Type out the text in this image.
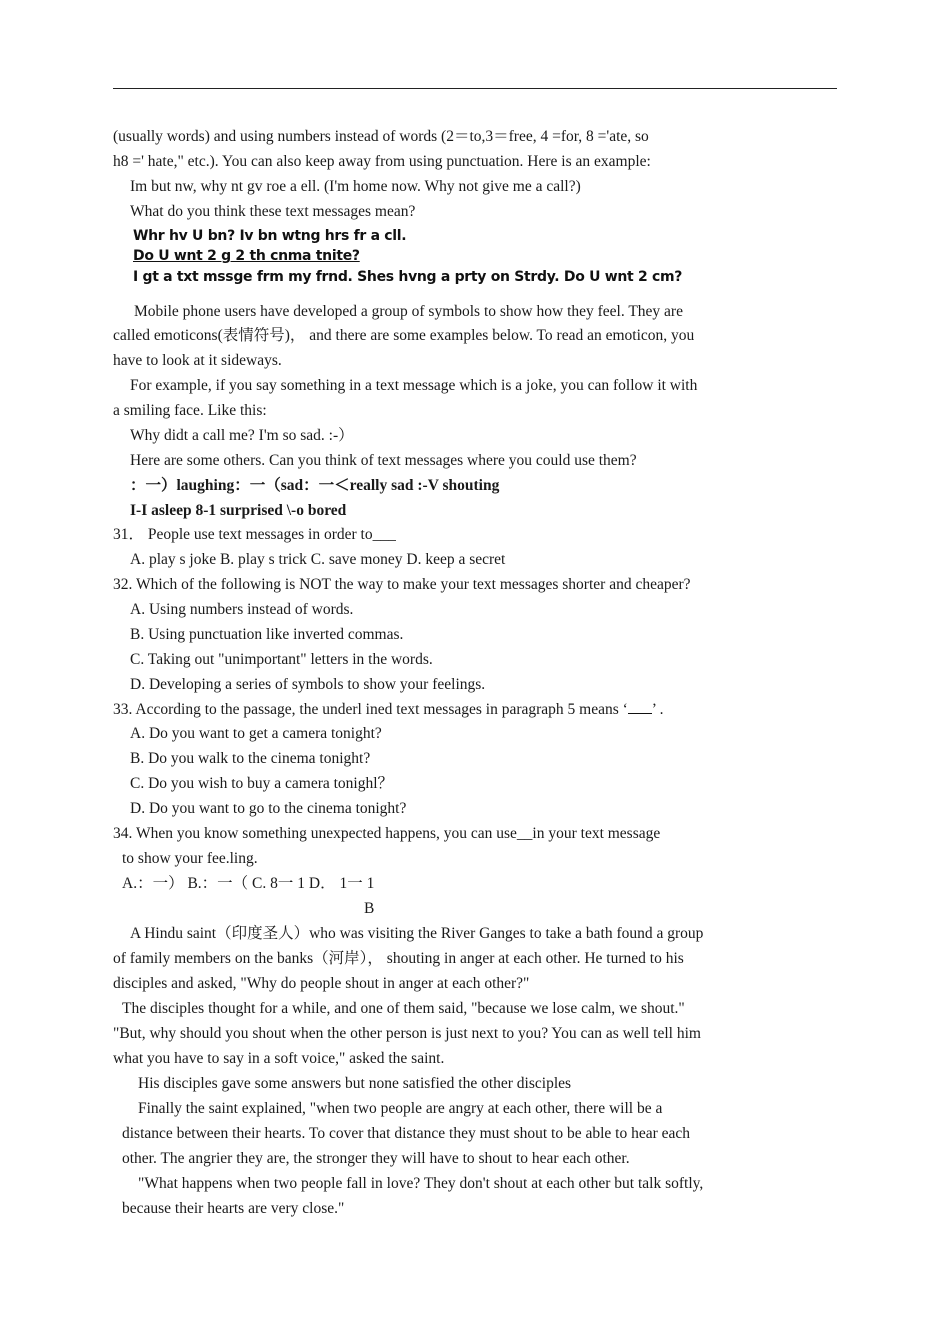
(usually words) and using numbers instead of words (2＝to,3＝free, 4 =for, 8 ='ate, so
h8 =' hate," etc.). You can also keep away from using punctuation. Here is an example:
Im but nw, why nt gv roe a ell. (I'm home now. Why not give me a call?)
What do you think these text messages mean?
Whr hv U bn? Iv bn wtng hrs fr a cll.
Do U wnt 2 g 2 th cnma tnite?
I gt a txt mssge frm my frnd. Shes hvng a prty on Strdy. Do U wnt 2 cm?
Mobile phone users have developed a group of symbols to show how they feel. They are
called emoticons(表情符号)， and there are some examples below. To read an emoticon, you
have to look at it sideways.
For example, if you say something in a text message which is a joke, you can follow it with
a smiling face. Like this:
Why didt a call me? I'm so sad. :-）
Here are some others. Can you think of text messages where you could use them?
：一）laughing：一（sad：一＜really sad :-V shouting
I-I asleep 8-1 surprised \-o bored
31． People use text messages in order to___
A. play s joke B. play s trick C. save money D. keep a secret
32. Which of the following is NOT the way to make your text messages shorter and cheaper?
A. Using numbers instead of words.
B. Using punctuation like inverted commas.
C. Taking out "unimportant" letters in the words.
D. Developing a series of symbols to show your feelings.
33. According to the passage, the underl ined text messages in paragraph 5 means ‘ ’ .
A. Do you want to get a camera tonight?
B. Do you walk to the cinema tonight?
C. Do you wish to buy a camera tonighl？
D. Do you want to go to the cinema tonight?
34. When you know something unexpected happens, you can use__in your text message
to show your fee.ling.
A.：一） B.：一（ C. 8一 1 D． 1一 1
B
A Hindu saint（印度圣人）who was visiting the River Ganges to take a bath found a group
of family members on the banks（河岸）， shouting in anger at each other. He turned to his
disciples and asked, "Why do people shout in anger at each other?"
The disciples thought for a while, and one of them said, "because we lose calm, we shout."
"But, why should you shout when the other person is just next to you? You can as well tell him
what you have to say in a soft voice," asked the saint.
His disciples gave some answers but none satisfied the other disciples
Finally the saint explained, "when two people are angry at each other, there will be a
distance between their hearts. To cover that distance they must shout to be able to hear each
other. The angrier they are, the stronger they will have to shout to hear each other.
"What happens when two people fall in love? They don't shout at each other but talk softly,
because their hearts are very close."
